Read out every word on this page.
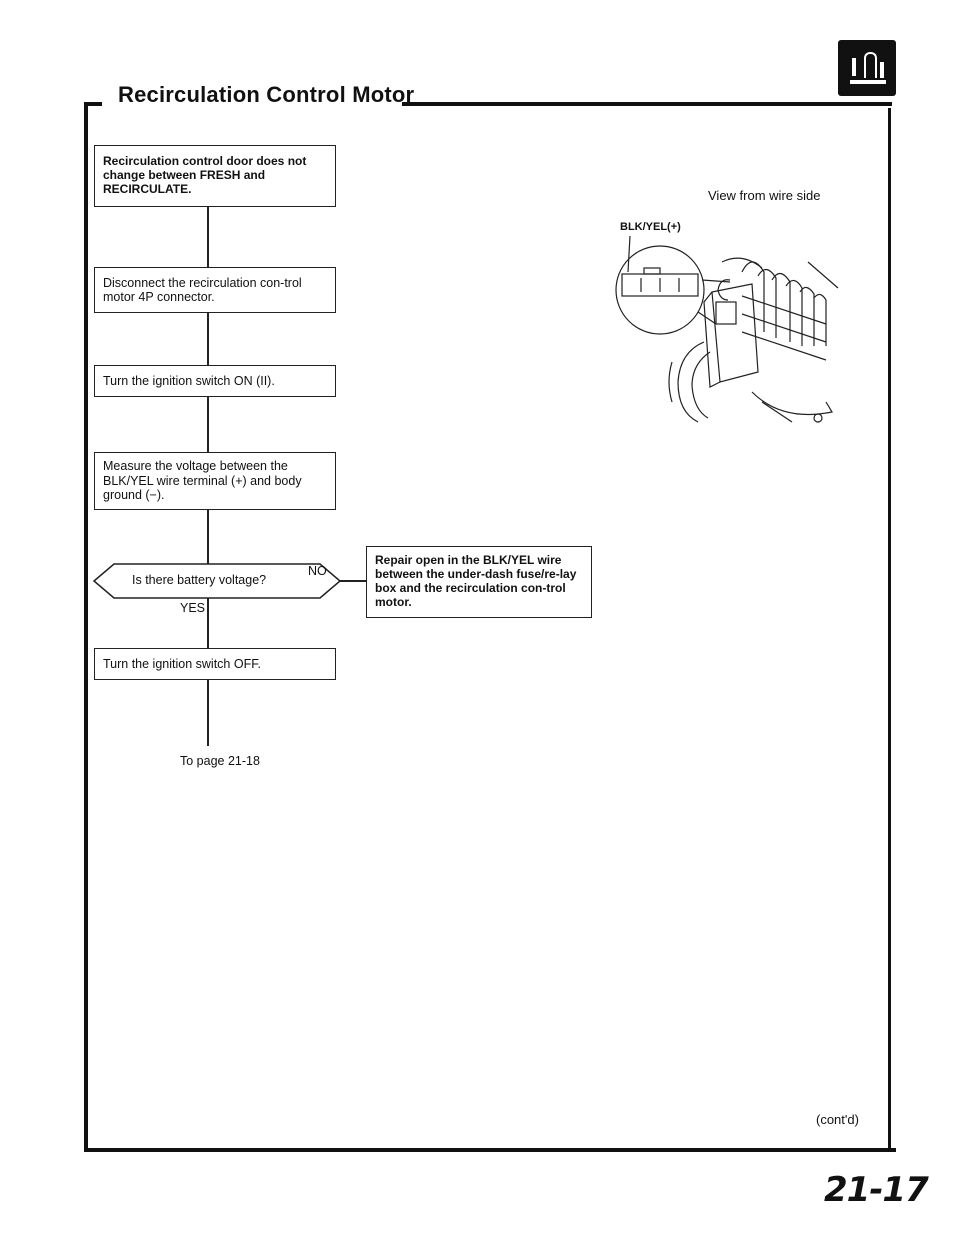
Recirculation Control Motor
Recirculation control door does not change between FRESH and RECIRCULATE.
Disconnect the recirculation con-trol motor 4P connector.
Turn the ignition switch ON (II).
Measure the voltage between the BLK/YEL wire terminal (+) and body ground (−).
Is there battery voltage?
NO
Repair open in the BLK/YEL wire between the under-dash fuse/re-lay box and the recirculation con-trol motor.
YES
Turn the ignition switch OFF.
To page 21-18
View from wire side
BLK/YEL(+)
(cont'd)
21-17
